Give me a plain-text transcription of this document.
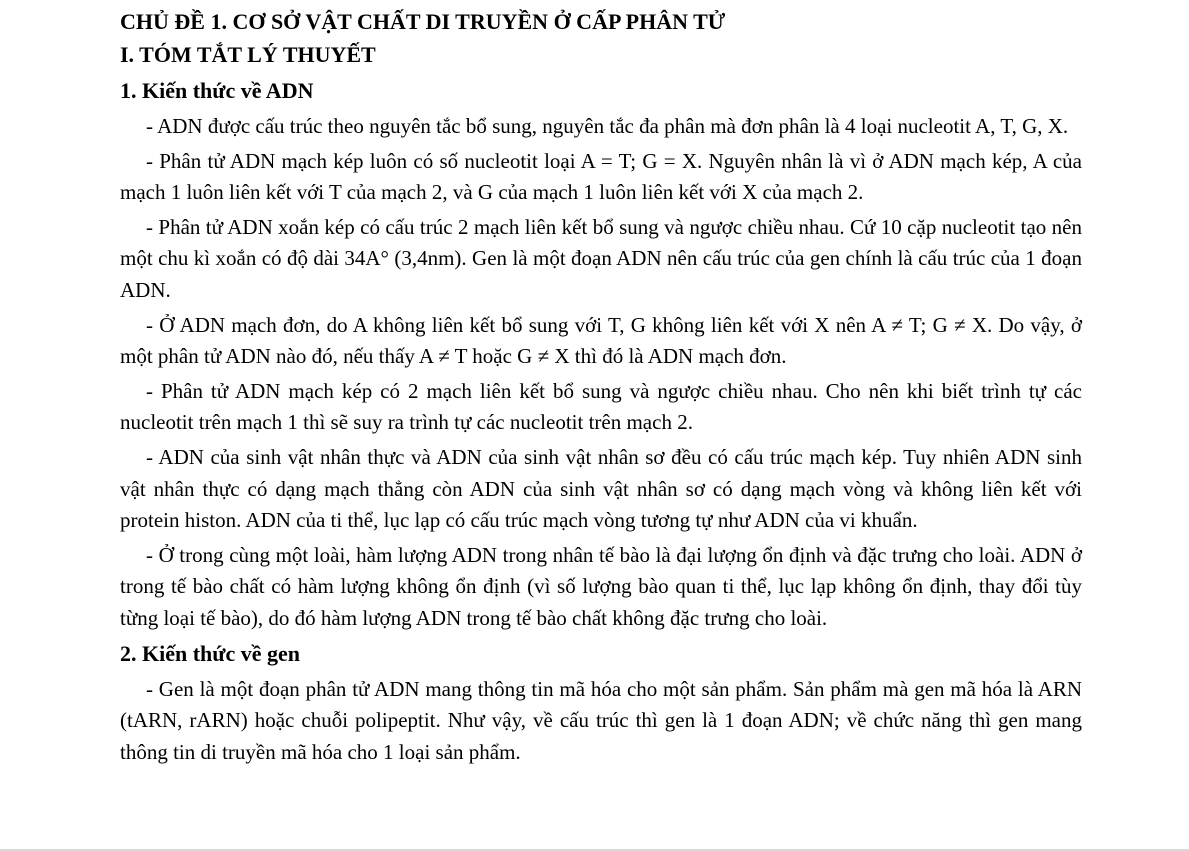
CHỦ ĐỀ 1. CƠ SỞ VẬT CHẤT DI TRUYỀN Ở CẤP PHÂN TỬ

I. TÓM TẮT LÝ THUYẾT

1. Kiến thức về ADN

- ADN được cấu trúc theo nguyên tắc bổ sung, nguyên tắc đa phân mà đơn phân là 4 loại nucleotit A, T, G, X.

- Phân tử ADN mạch kép luôn có số nucleotit loại A = T; G = X. Nguyên nhân là vì ở ADN mạch kép, A của mạch 1 luôn liên kết với T của mạch 2, và G của mạch 1 luôn liên kết với X của mạch 2.

- Phân tử ADN xoắn kép có cấu trúc 2 mạch liên kết bổ sung và ngược chiều nhau. Cứ 10 cặp nucleotit tạo nên một chu kì xoắn có độ dài 34A° (3,4nm). Gen là một đoạn ADN nên cấu trúc của gen chính là cấu trúc của 1 đoạn ADN.

- Ở ADN mạch đơn, do A không liên kết bổ sung với T, G không liên kết với X nên A ≠ T; G ≠ X. Do vậy, ở một phân tử ADN nào đó, nếu thấy A ≠ T hoặc G ≠ X thì đó là ADN mạch đơn.

- Phân tử ADN mạch kép có 2 mạch liên kết bổ sung và ngược chiều nhau. Cho nên khi biết trình tự các nucleotit trên mạch 1 thì sẽ suy ra trình tự các nucleotit trên mạch 2.

- ADN của sinh vật nhân thực và ADN của sinh vật nhân sơ đều có cấu trúc mạch kép. Tuy nhiên ADN sinh vật nhân thực có dạng mạch thẳng còn ADN của sinh vật nhân sơ có dạng mạch vòng và không liên kết với protein histon. ADN của ti thể, lục lạp có cấu trúc mạch vòng tương tự như ADN của vi khuẩn.

- Ở trong cùng một loài, hàm lượng ADN trong nhân tế bào là đại lượng ổn định và đặc trưng cho loài. ADN ở trong tế bào chất có hàm lượng không ổn định (vì số lượng bào quan ti thể, lục lạp không ổn định, thay đổi tùy từng loại tế bào), do đó hàm lượng ADN trong tế bào chất không đặc trưng cho loài.

2. Kiến thức về gen

- Gen là một đoạn phân tử ADN mang thông tin mã hóa cho một sản phẩm. Sản phẩm mà gen mã hóa là ARN (tARN, rARN) hoặc chuỗi polipeptit. Như vậy, về cấu trúc thì gen là 1 đoạn ADN; về chức năng thì gen mang thông tin di truyền mã hóa cho 1 loại sản phẩm.
